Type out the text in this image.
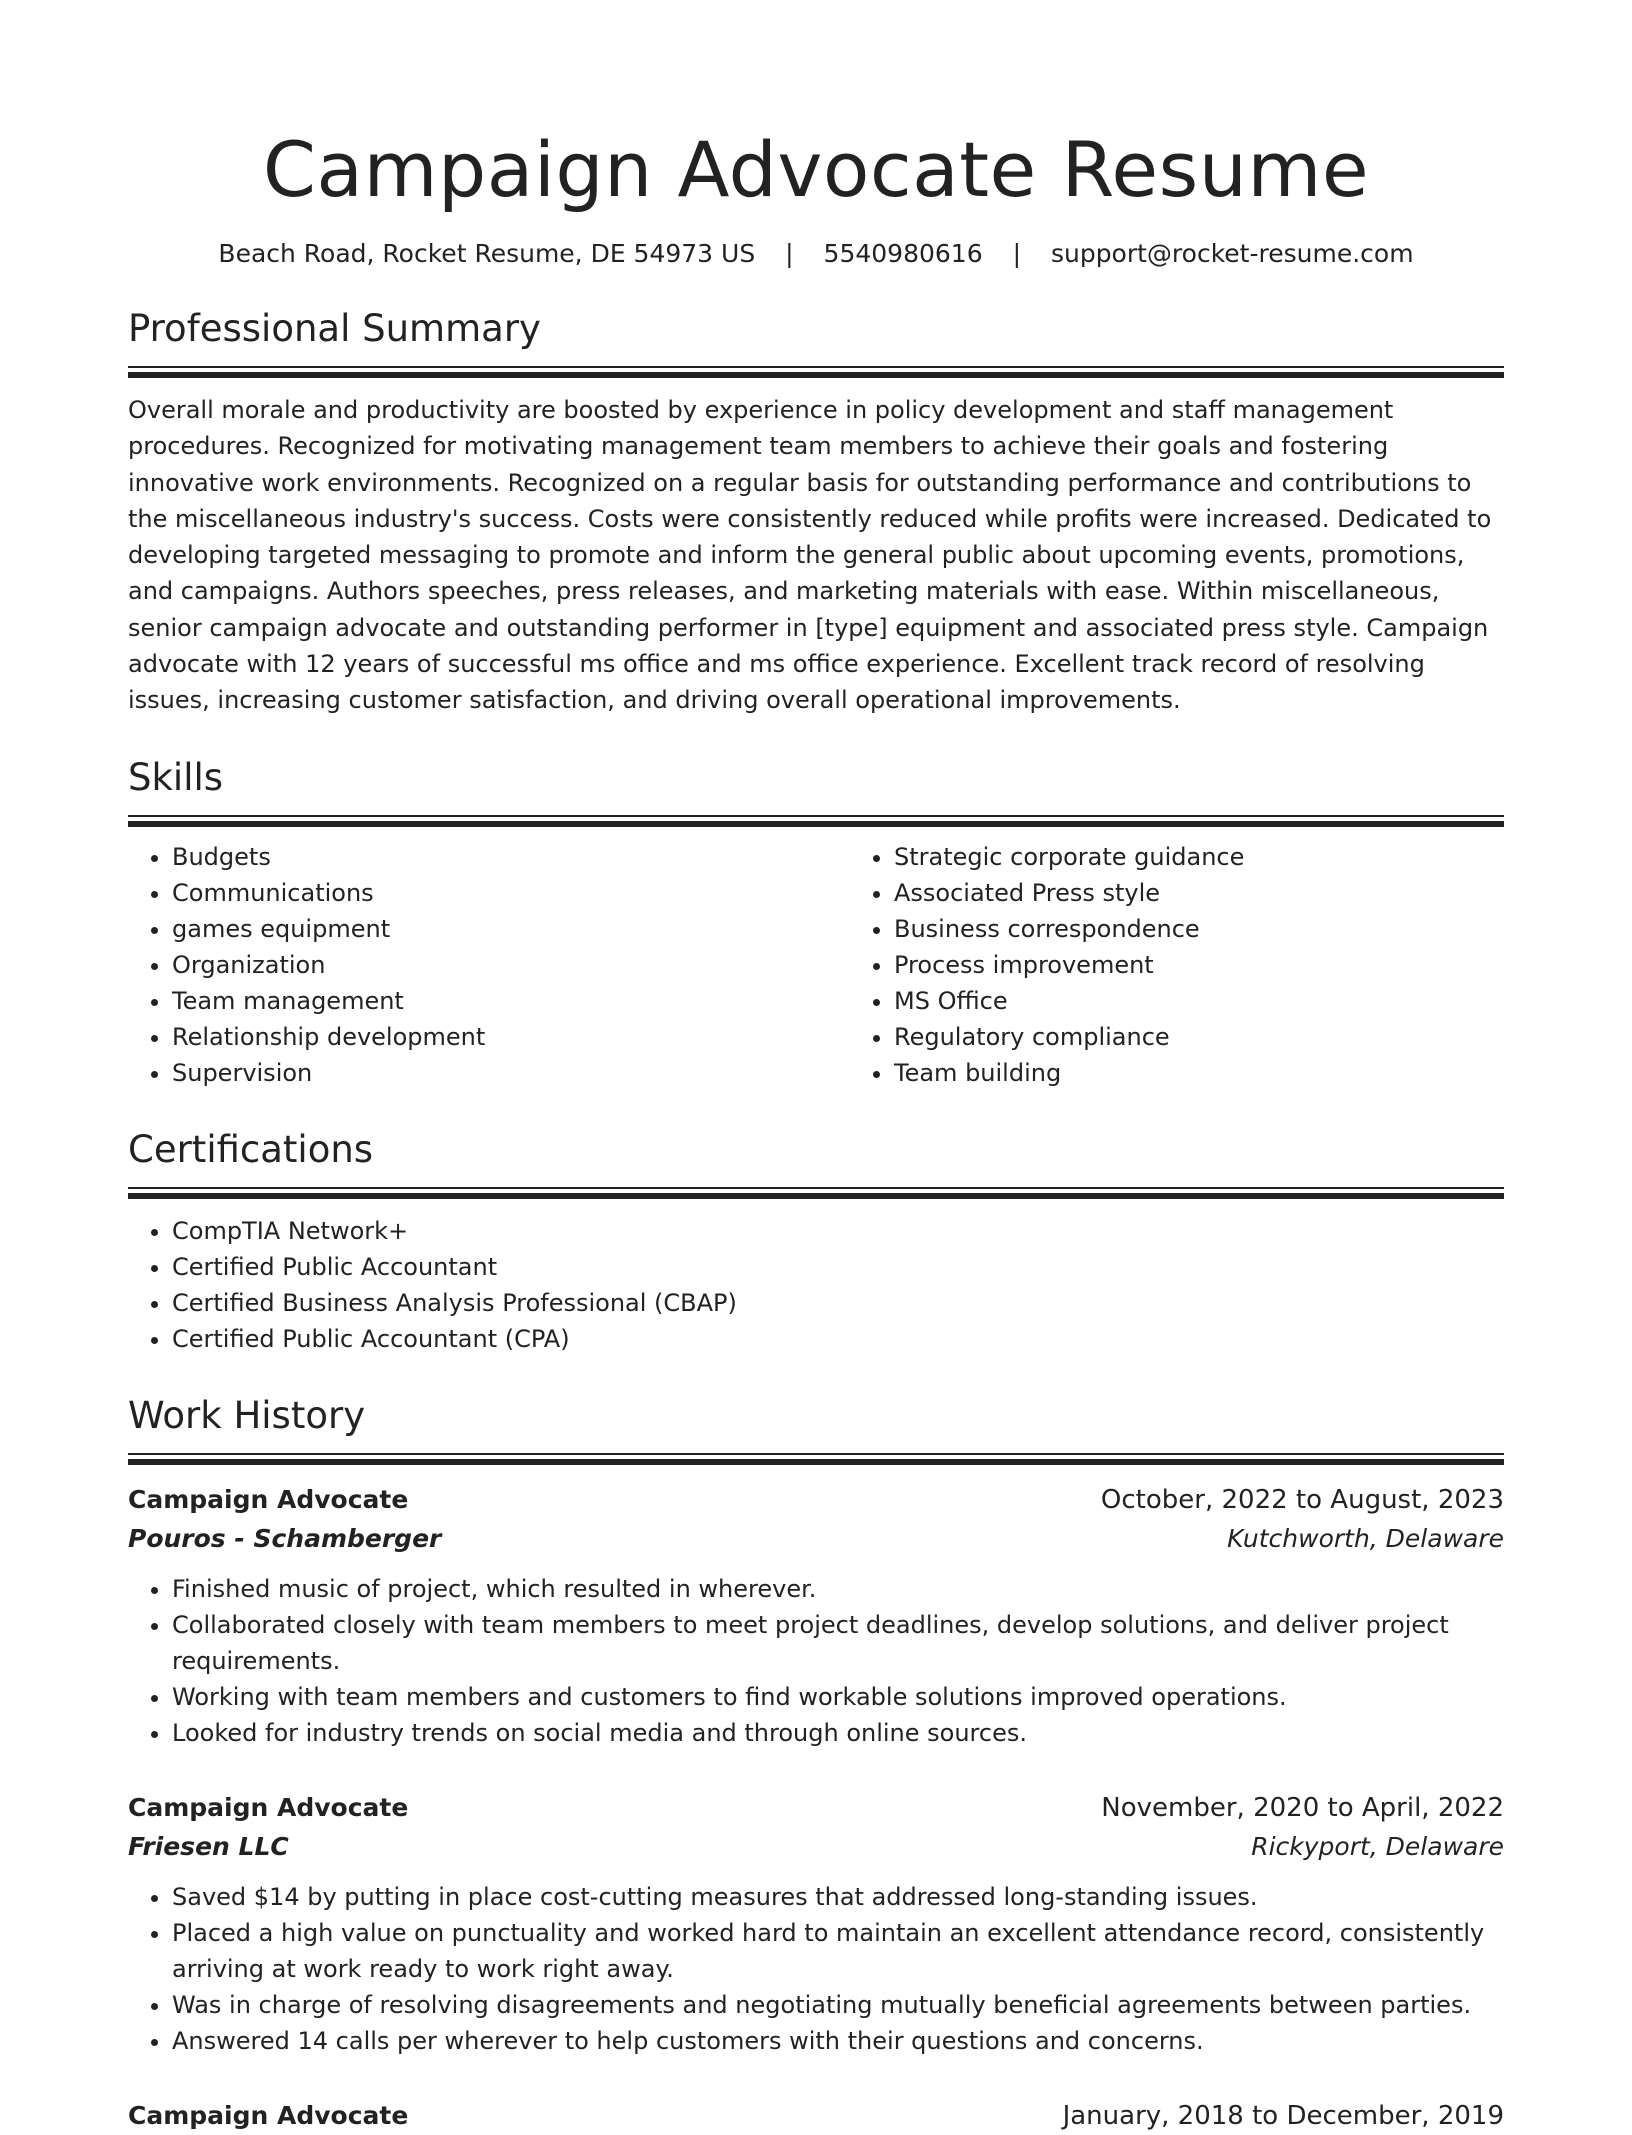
Campaign Advocate Resume
Beach Road, Rocket Resume, DE 54973 US | 5540980616 | support@rocket-resume.com
Professional Summary

Overall morale and productivity are boosted by experience in policy development and staff management procedures. Recognized for motivating management team members to achieve their goals and fostering innovative work environments. Recognized on a regular basis for outstanding performance and contributions to the miscellaneous industry's success. Costs were consistently reduced while profits were increased. Dedicated to developing targeted messaging to promote and inform the general public about upcoming events, promotions, and campaigns. Authors speeches, press releases, and marketing materials with ease. Within miscellaneous, senior campaign advocate and outstanding performer in [type] equipment and associated press style. Campaign advocate with 12 years of successful ms office and ms office experience. Excellent track record of resolving issues, increasing customer satisfaction, and driving overall operational improvements.

Skills
• Budgets
• Communications
• games equipment
• Organization
• Team management
• Relationship development
• Supervision
• Strategic corporate guidance
• Associated Press style
• Business correspondence
• Process improvement
• MS Office
• Regulatory compliance
• Team building
Certifications
• CompTIA Network+
• Certified Public Accountant
• Certified Business Analysis Professional (CBAP)
• Certified Public Accountant (CPA)
Work History
Campaign Advocate	October, 2022 to August, 2023
Pouros - Schamberger	Kutchworth, Delaware
• Finished music of project, which resulted in wherever.
• Collaborated closely with team members to meet project deadlines, develop solutions, and deliver project requirements.
• Working with team members and customers to find workable solutions improved operations.
• Looked for industry trends on social media and through online sources.
Campaign Advocate	November, 2020 to April, 2022
Friesen LLC	Rickyport, Delaware
• Saved $14 by putting in place cost-cutting measures that addressed long-standing issues.
• Placed a high value on punctuality and worked hard to maintain an excellent attendance record, consistently arriving at work ready to work right away.
• Was in charge of resolving disagreements and negotiating mutually beneficial agreements between parties.
• Answered 14 calls per wherever to help customers with their questions and concerns.
Campaign Advocate	January, 2018 to December, 2019
